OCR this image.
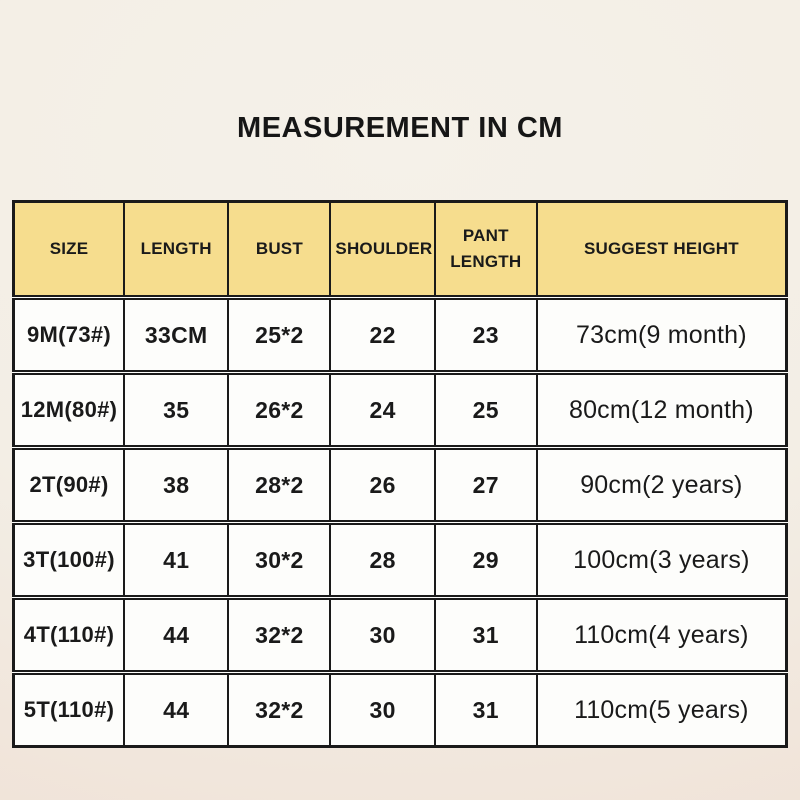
MEASUREMENT IN CM
SIZE	LENGTH	BUST	SHOULDER	PANT LENGTH	SUGGEST HEIGHT
9M(73#)	33CM	25*2	22	23	73cm(9 month)
12M(80#)	35	26*2	24	25	80cm(12 month)
2T(90#)	38	28*2	26	27	90cm(2 years)
3T(100#)	41	30*2	28	29	100cm(3 years)
4T(110#)	44	32*2	30	31	110cm(4 years)
5T(110#)	44	32*2	30	31	110cm(5 years)
